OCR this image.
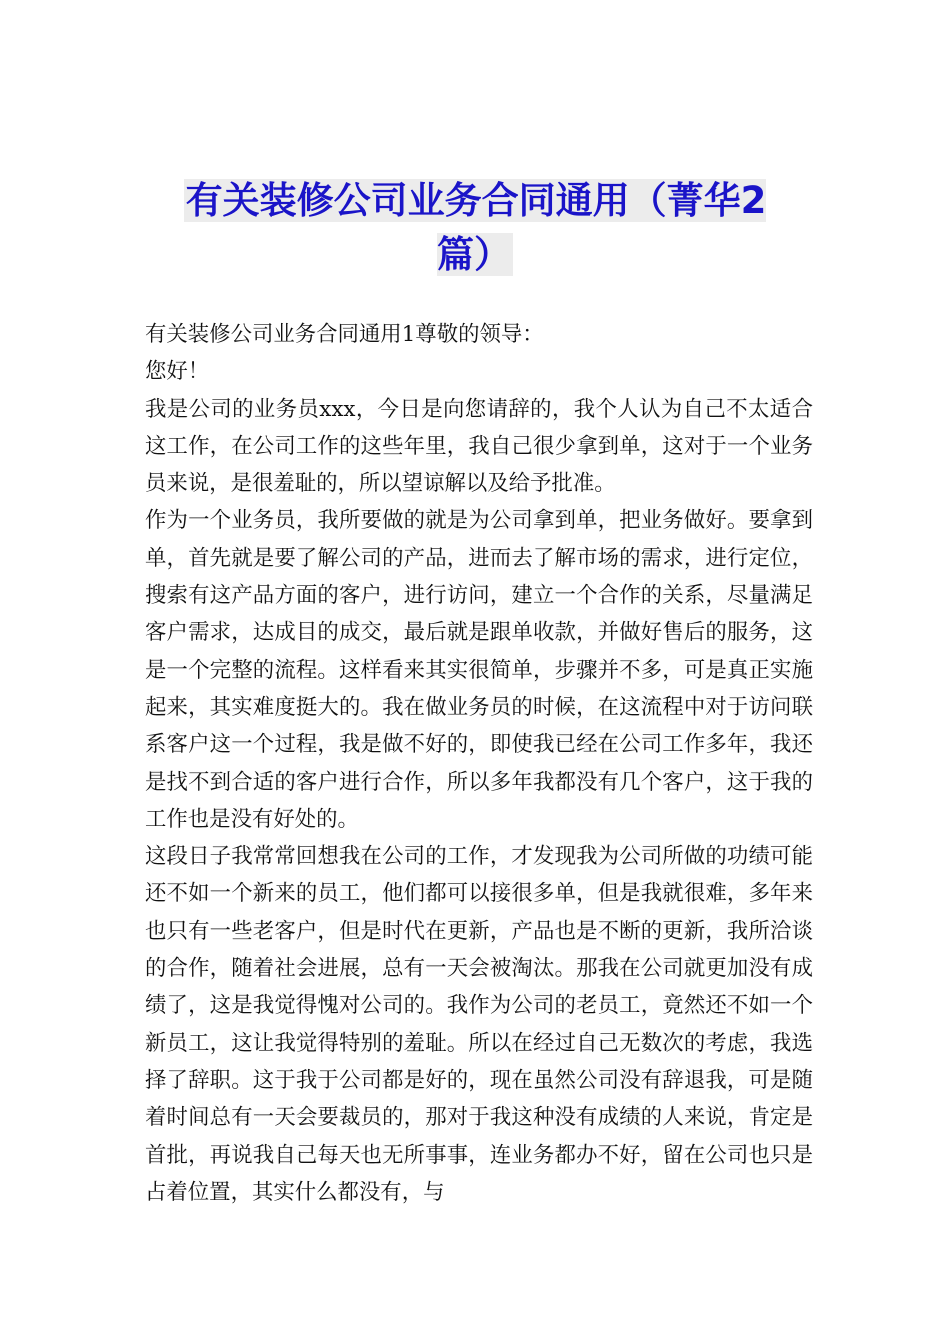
有关装修公司业务合同通用（菁华2篇）

有关装修公司业务合同通用1尊敬的领导：

您好！

我是公司的业务员xxx，今日是向您请辞的，我个人认为自己不太适合这工作，在公司工作的这些年里，我自己很少拿到单，这对于一个业务员来说，是很羞耻的，所以望谅解以及给予批准。

作为一个业务员，我所要做的就是为公司拿到单，把业务做好。要拿到单，首先就是要了解公司的产品，进而去了解市场的需求，进行定位，搜索有这产品方面的客户，进行访问，建立一个合作的关系，尽量满足客户需求，达成目的成交，最后就是跟单收款，并做好售后的服务，这是一个完整的流程。这样看来其实很简单，步骤并不多，可是真正实施起来，其实难度挺大的。我在做业务员的时候，在这流程中对于访问联系客户这一个过程，我是做不好的，即使我已经在公司工作多年，我还是找不到合适的客户进行合作，所以多年我都没有几个客户，这于我的工作也是没有好处的。

这段日子我常常回想我在公司的工作，才发现我为公司所做的功绩可能还不如一个新来的员工，他们都可以接很多单，但是我就很难，多年来也只有一些老客户，但是时代在更新，产品也是不断的更新，我所洽谈的合作，随着社会进展，总有一天会被淘汰。那我在公司就更加没有成绩了，这是我觉得愧对公司的。我作为公司的老员工，竟然还不如一个新员工，这让我觉得特别的羞耻。所以在经过自己无数次的考虑，我选择了辞职。这于我于公司都是好的，现在虽然公司没有辞退我，可是随着时间总有一天会要裁员的，那对于我这种没有成绩的人来说，肯定是首批，再说我自己每天也无所事事，连业务都办不好，留在公司也只是占着位置，其实什么都没有，与
